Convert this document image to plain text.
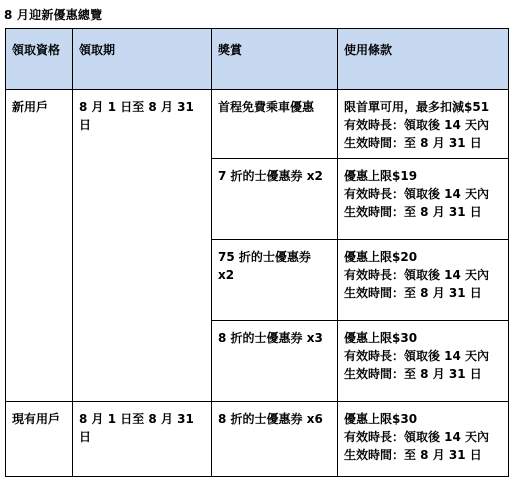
8 月迎新優惠總覽
領取資格	領取期	獎賞	使用條款
新用戶	8 月 1 日至 8 月 31 日	首程免費乘車優惠	限首單可用，最多扣減$51
有效時長：領取後 14 天內
生效時間：至 8 月 31 日

		7 折的士優惠券 x2	優惠上限$19
有效時長：領取後 14 天內
生效時間：至 8 月 31 日

		75 折的士優惠券 x2	優惠上限$20
有效時長：領取後 14 天內
生效時間：至 8 月 31 日

		8 折的士優惠券 x3	優惠上限$30
有效時長：領取後 14 天內
生效時間：至 8 月 31 日

現有用戶	8 月 1 日至 8 月 31 日	8 折的士優惠券 x6	優惠上限$30
有效時長：領取後 14 天內
生效時間：至 8 月 31 日
